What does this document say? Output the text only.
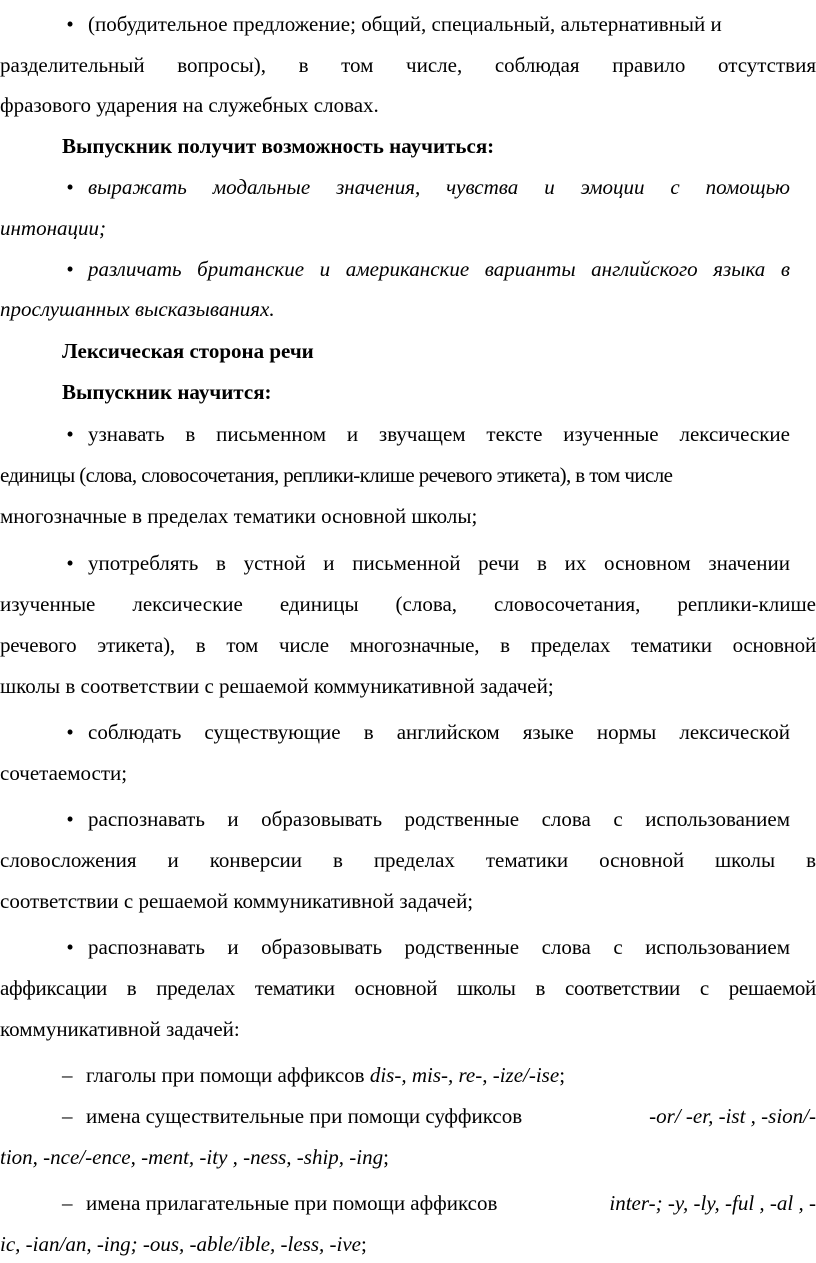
• (побудительное предложение; общий, специальный, альтернативный и
разделительный вопросы), в том числе, соблюдая правило отсутствия
фразового ударения на служебных словах.
Выпускник получит возможность научиться:
• выражать модальные значения, чувства и эмоции с помощью
интонации;
• различать британские и американские варианты английского языка в
прослушанных высказываниях.
Лексическая сторона речи
Выпускник научится:
• узнавать в письменном и звучащем тексте изученные лексические
единицы (слова, словосочетания, реплики-клише речевого этикета), в том числе
многозначные в пределах тематики основной школы;
• употреблять в устной и письменной речи в их основном значении
изученные лексические единицы (слова, словосочетания, реплики-клише
речевого этикета), в том числе многозначные, в пределах тематики основной
школы в соответствии с решаемой коммуникативной задачей;
• соблюдать существующие в английском языке нормы лексической
сочетаемости;
• распознавать и образовывать родственные слова с использованием
словосложения и конверсии в пределах тематики основной школы в
соответствии с решаемой коммуникативной задачей;
• распознавать и образовывать родственные слова с использованием
аффиксации в пределах тематики основной школы в соответствии с решаемой
коммуникативной задачей:
– глаголы при помощи аффиксов dis-, mis-, re-, -ize/-ise;
– имена существительные при помощи суффиксов	-or/ -er, -ist , -sion/-
tion, -nce/-ence, -ment, -ity , -ness, -ship, -ing;
– имена прилагательные при помощи аффиксов	inter-; -y, -ly, -ful , -al , -
ic, -ian/an, -ing; -ous, -able/ible, -less, -ive;
